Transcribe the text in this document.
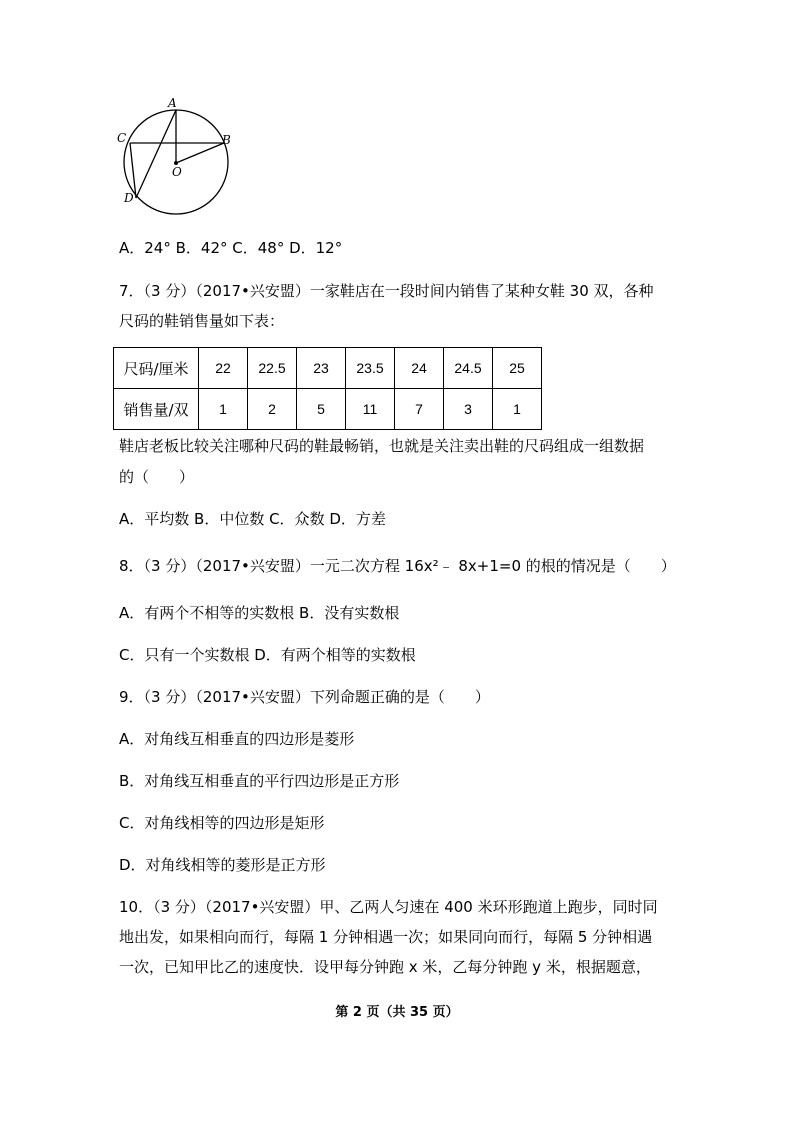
A
B
C
O
D
A．24° B．42° C．48° D．12°
7．（3 分）（2017•兴安盟）一家鞋店在一段时间内销售了某种女鞋 30 双，各种
尺码的鞋销售量如下表：
尺码/厘米	22	22.5	23	23.5	24	24.5	25
销售量/双	1	2	5	11	7	3	1
鞋店老板比较关注哪种尺码的鞋最畅销，也就是关注卖出鞋的尺码组成一组数据
的（　　）
A．平均数 B．中位数 C．众数 D．方差
8．（3 分）（2017•兴安盟）一元二次方程 16x²﹣ 8x+1=0 的根的情况是（　　）
A．有两个不相等的实数根 B．没有实数根
C．只有一个实数根 D．有两个相等的实数根
9．（3 分）（2017•兴安盟）下列命题正确的是（　　）
A．对角线互相垂直的四边形是菱形
B．对角线互相垂直的平行四边形是正方形
C．对角线相等的四边形是矩形
D．对角线相等的菱形是正方形
10．（3 分）（2017•兴安盟）甲、乙两人匀速在 400 米环形跑道上跑步，同时同
地出发，如果相向而行，每隔 1 分钟相遇一次；如果同向而行，每隔 5 分钟相遇
一次，已知甲比乙的速度快．设甲每分钟跑 x 米，乙每分钟跑 y 米，根据题意，
第 2 页（共 35 页）
